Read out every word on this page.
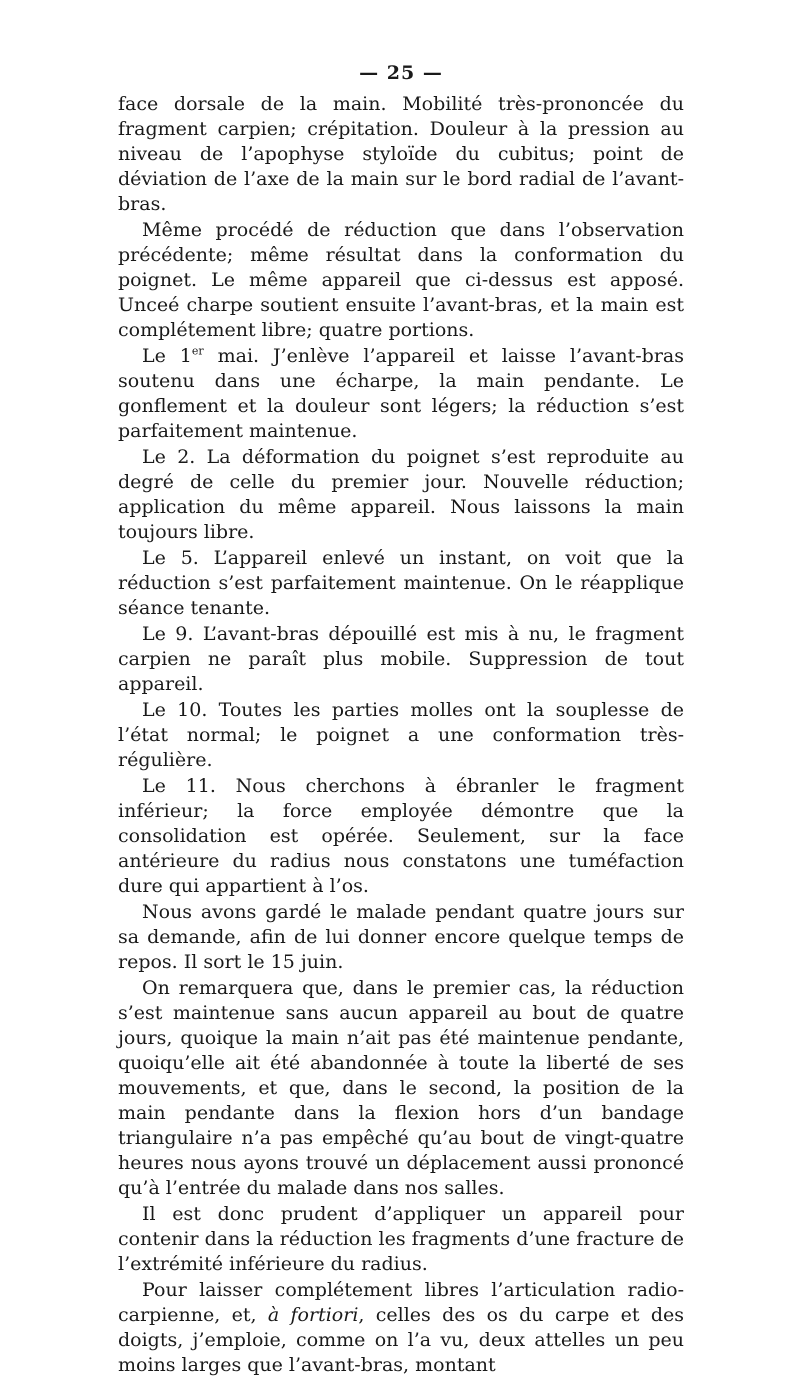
— 25 —

face dorsale de la main. Mobilité très-prononcée du fragment carpien; crépitation. Douleur à la pression au niveau de l’apophyse styloïde du cubitus; point de déviation de l’axe de la main sur le bord radial de l’avant-bras.

Même procédé de réduction que dans l’observation précédente; même résultat dans la conformation du poignet. Le même appareil que ci-dessus est apposé. Unceé charpe soutient ensuite l’avant-bras, et la main est complétement libre; quatre portions.

Le 1er mai. J’enlève l’appareil et laisse l’avant-bras soutenu dans une écharpe, la main pendante. Le gonflement et la douleur sont légers; la réduction s’est parfaitement maintenue.

Le 2. La déformation du poignet s’est reproduite au degré de celle du premier jour. Nouvelle réduction; application du même appareil. Nous laissons la main toujours libre.

Le 5. L’appareil enlevé un instant, on voit que la réduction s’est parfaitement maintenue. On le réapplique séance tenante.

Le 9. L’avant-bras dépouillé est mis à nu, le fragment carpien ne paraît plus mobile. Suppression de tout appareil.

Le 10. Toutes les parties molles ont la souplesse de l’état normal; le poignet a une conformation très-régulière.

Le 11. Nous cherchons à ébranler le fragment inférieur; la force employée démontre que la consolidation est opérée. Seulement, sur la face antérieure du radius nous constatons une tuméfaction dure qui appartient à l’os.

Nous avons gardé le malade pendant quatre jours sur sa demande, afin de lui donner encore quelque temps de repos. Il sort le 15 juin.

On remarquera que, dans le premier cas, la réduction s’est maintenue sans aucun appareil au bout de quatre jours, quoique la main n’ait pas été maintenue pendante, quoiqu’elle ait été abandonnée à toute la liberté de ses mouvements, et que, dans le second, la position de la main pendante dans la flexion hors d’un bandage triangulaire n’a pas empêché qu’au bout de vingt-quatre heures nous ayons trouvé un déplacement aussi prononcé qu’à l’entrée du malade dans nos salles.

Il est donc prudent d’appliquer un appareil pour contenir dans la réduction les fragments d’une fracture de l’extrémité inférieure du radius.

Pour laisser complétement libres l’articulation radio-carpienne, et, à fortiori, celles des os du carpe et des doigts, j’emploie, comme on l’a vu, deux attelles un peu moins larges que l’avant-bras, montant
